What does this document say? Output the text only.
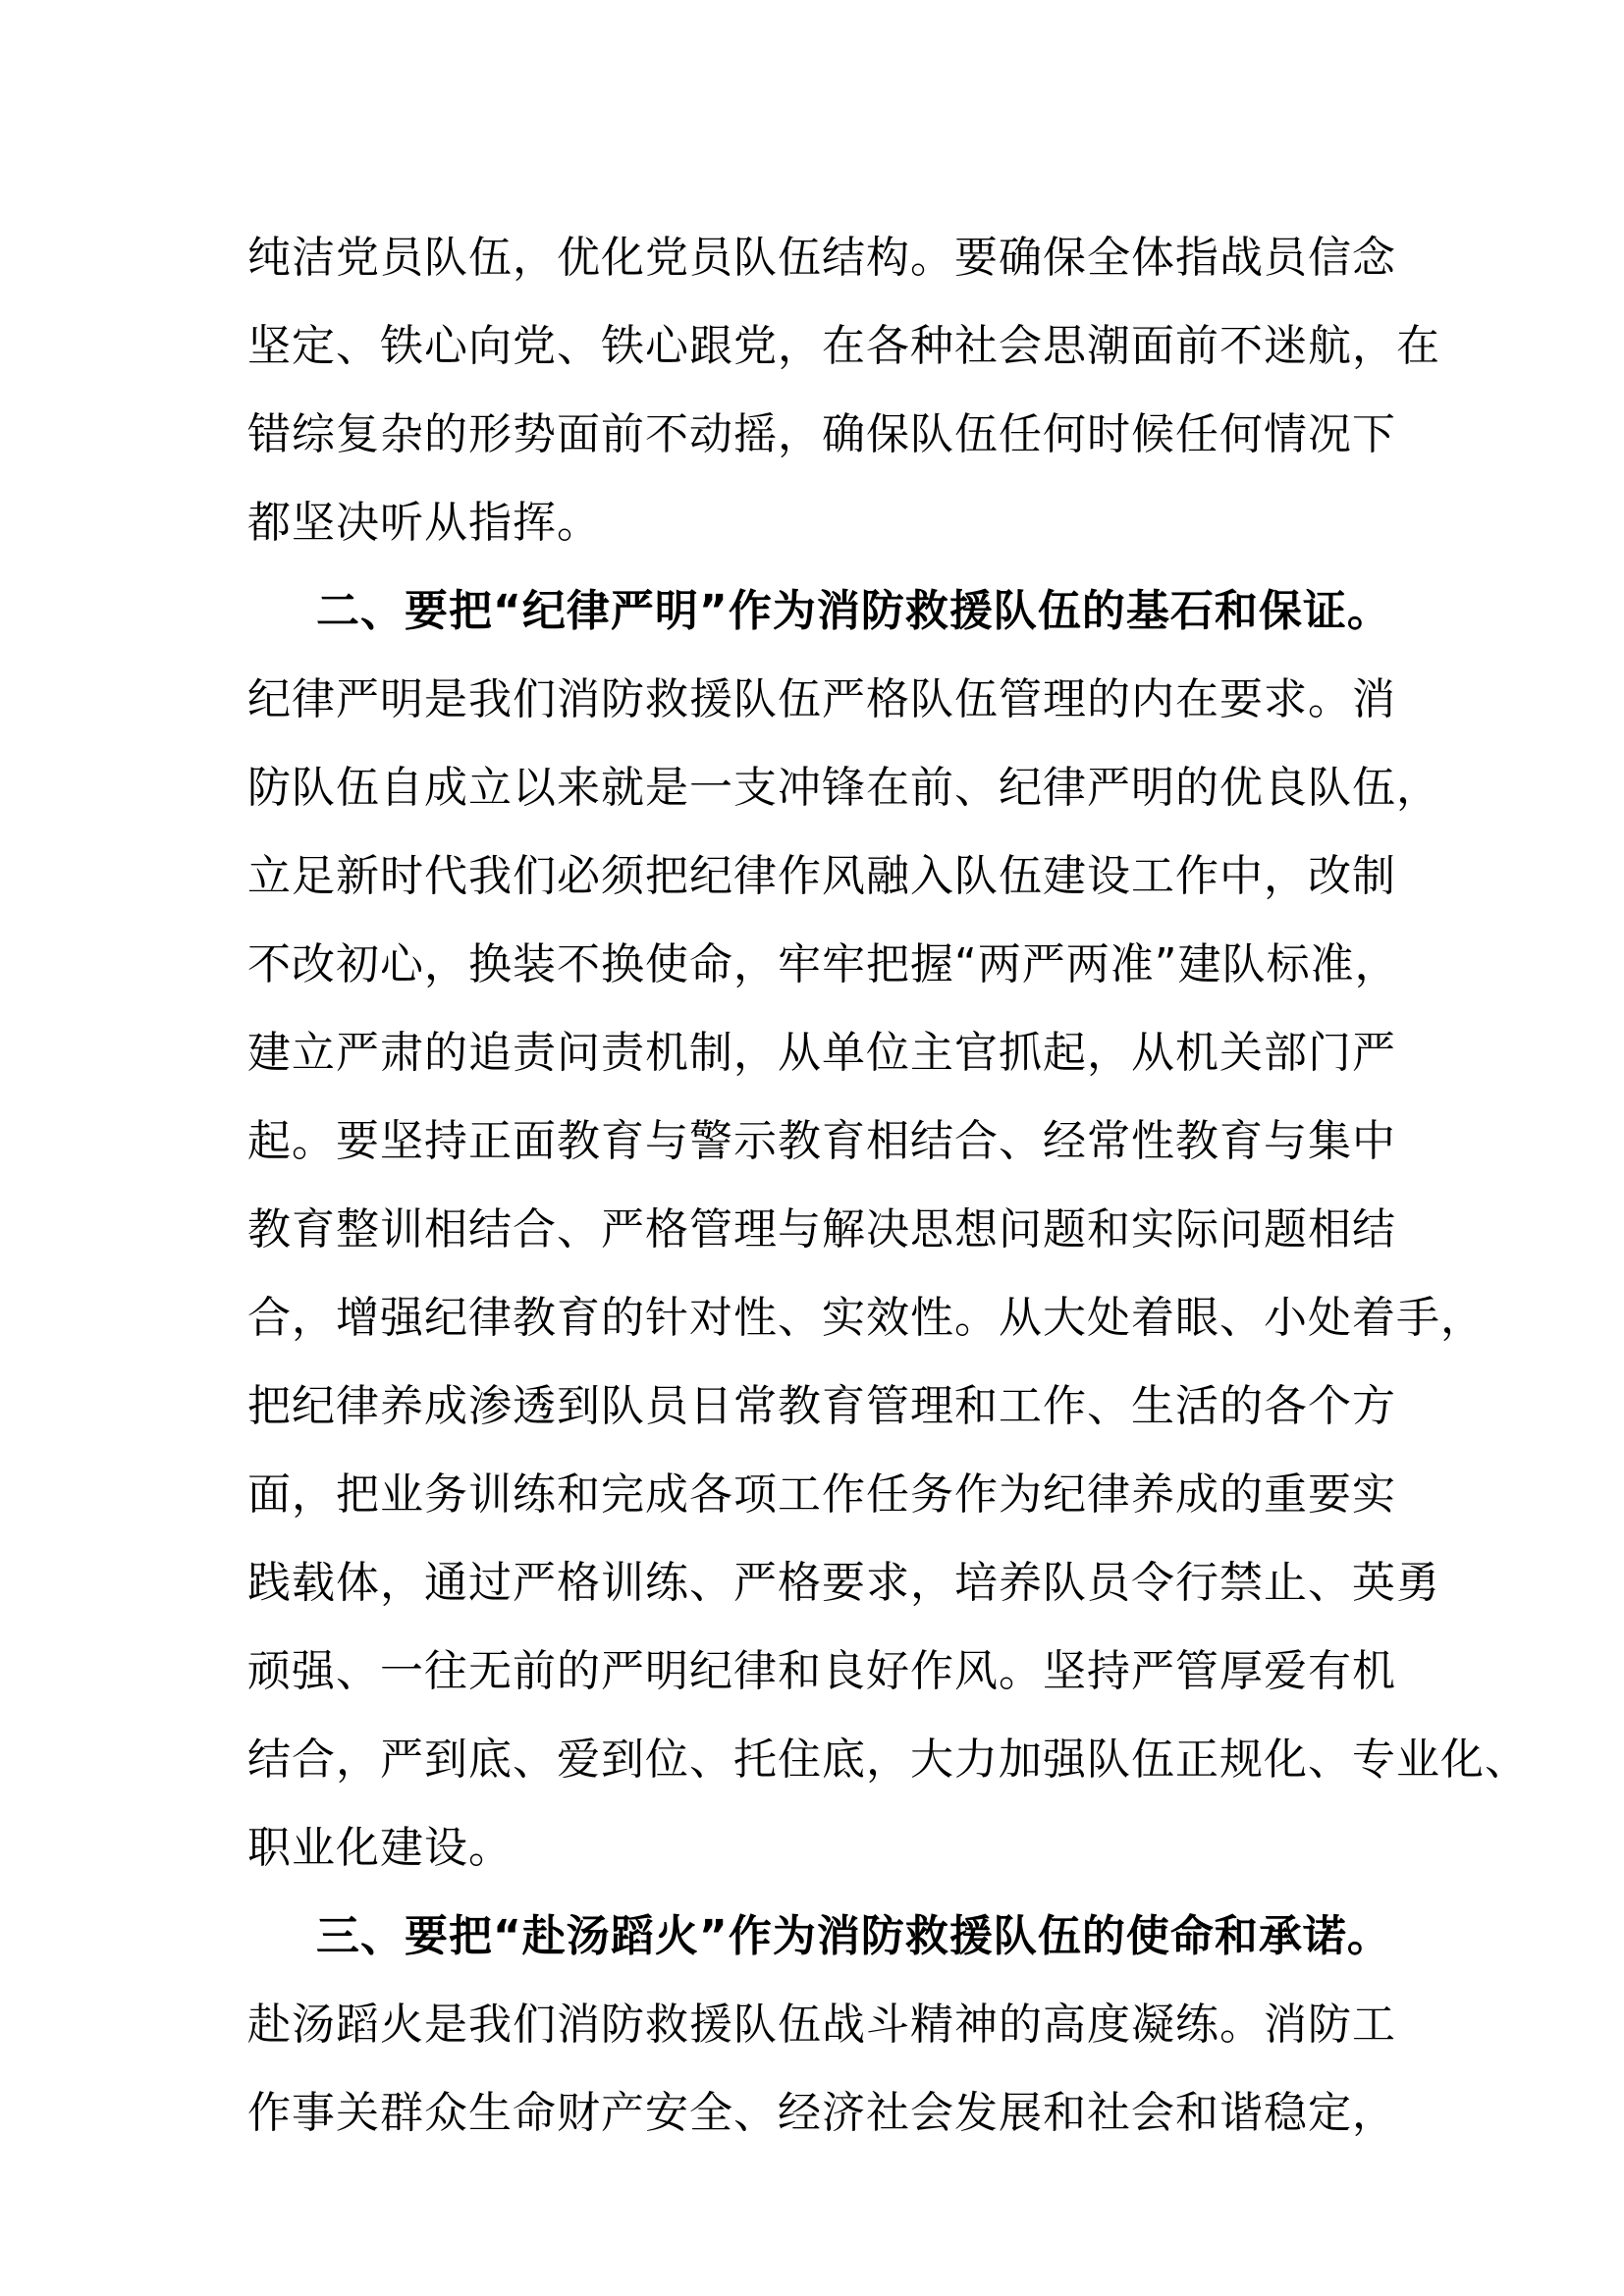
纯洁党员队伍，优化党员队伍结构。要确保全体指战员信念
坚定、铁心向党、铁心跟党，在各种社会思潮面前不迷航，在
错综复杂的形势面前不动摇，确保队伍任何时候任何情况下
都坚决听从指挥。
二、要把“纪律严明”作为消防救援队伍的基石和保证。
纪律严明是我们消防救援队伍严格队伍管理的内在要求。消
防队伍自成立以来就是一支冲锋在前、纪律严明的优良队伍，
立足新时代我们必须把纪律作风融入队伍建设工作中，改制
不改初心，换装不换使命，牢牢把握“两严两准”建队标准，
建立严肃的追责问责机制，从单位主官抓起，从机关部门严
起。要坚持正面教育与警示教育相结合、经常性教育与集中
教育整训相结合、严格管理与解决思想问题和实际问题相结
合，增强纪律教育的针对性、实效性。从大处着眼、小处着手，
把纪律养成渗透到队员日常教育管理和工作、生活的各个方
面，把业务训练和完成各项工作任务作为纪律养成的重要实
践载体，通过严格训练、严格要求，培养队员令行禁止、英勇
顽强、一往无前的严明纪律和良好作风。坚持严管厚爱有机
结合，严到底、爱到位、托住底，大力加强队伍正规化、专业化、
职业化建设。
三、要把“赴汤蹈火”作为消防救援队伍的使命和承诺。
赴汤蹈火是我们消防救援队伍战斗精神的高度凝练。消防工
作事关群众生命财产安全、经济社会发展和社会和谐稳定，
